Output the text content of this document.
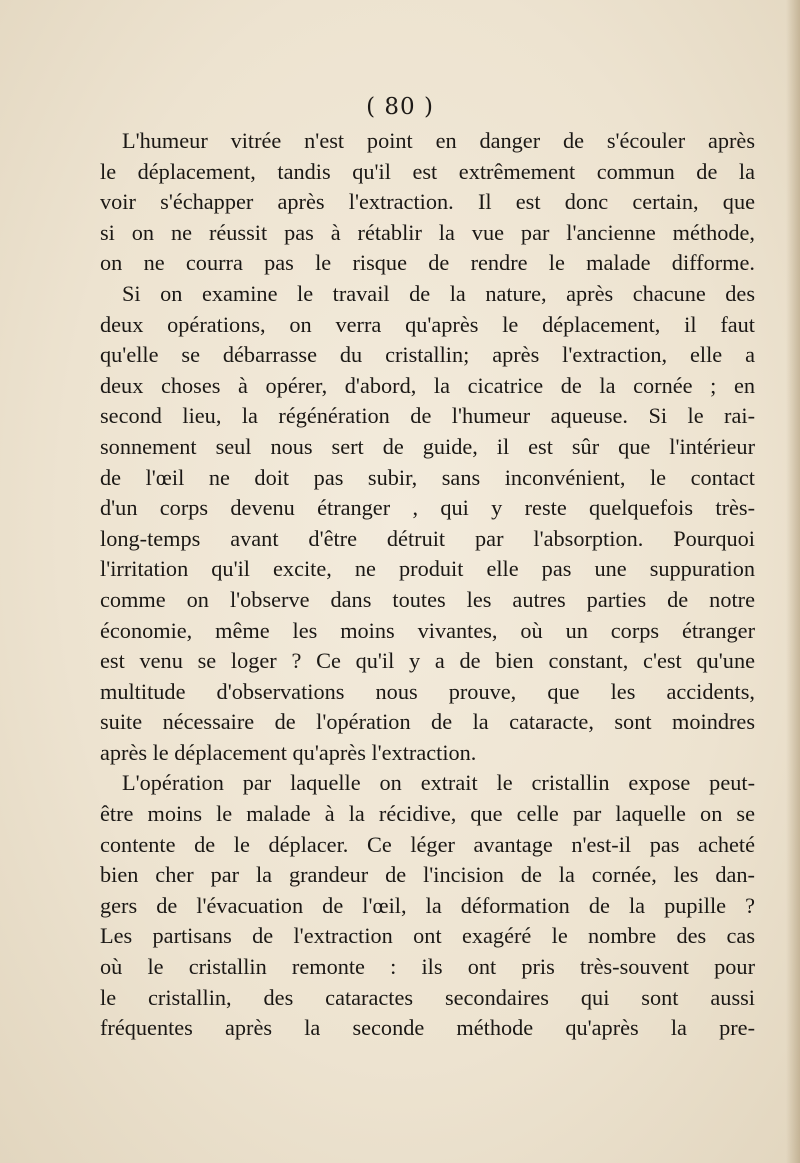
( 80 )
L'humeur vitrée n'est point en danger de s'écouler après
le déplacement, tandis qu'il est extrêmement commun de la
voir s'échapper après l'extraction. Il est donc certain, que
si on ne réussit pas à rétablir la vue par l'ancienne méthode,
on ne courra pas le risque de rendre le malade difforme.
Si on examine le travail de la nature, après chacune des
deux opérations, on verra qu'après le déplacement, il faut
qu'elle se débarrasse du cristallin; après l'extraction, elle a
deux choses à opérer, d'abord, la cicatrice de la cornée ; en
second lieu, la régénération de l'humeur aqueuse. Si le rai-
sonnement seul nous sert de guide, il est sûr que l'intérieur
de l'œil ne doit pas subir, sans inconvénient, le contact
d'un corps devenu étranger , qui y reste quelquefois très-
long-temps avant d'être détruit par l'absorption. Pourquoi
l'irritation qu'il excite, ne produit elle pas une suppuration
comme on l'observe dans toutes les autres parties de notre
économie, même les moins vivantes, où un corps étranger
est venu se loger ? Ce qu'il y a de bien constant, c'est qu'une
multitude d'observations nous prouve, que les accidents,
suite nécessaire de l'opération de la cataracte, sont moindres
après le déplacement qu'après l'extraction.
L'opération par laquelle on extrait le cristallin expose peut-
être moins le malade à la récidive, que celle par laquelle on se
contente de le déplacer. Ce léger avantage n'est-il pas acheté
bien cher par la grandeur de l'incision de la cornée, les dan-
gers de l'évacuation de l'œil, la déformation de la pupille ?
Les partisans de l'extraction ont exagéré le nombre des cas
où le cristallin remonte : ils ont pris très-souvent pour
le cristallin, des cataractes secondaires qui sont aussi
fréquentes après la seconde méthode qu'après la pre-
